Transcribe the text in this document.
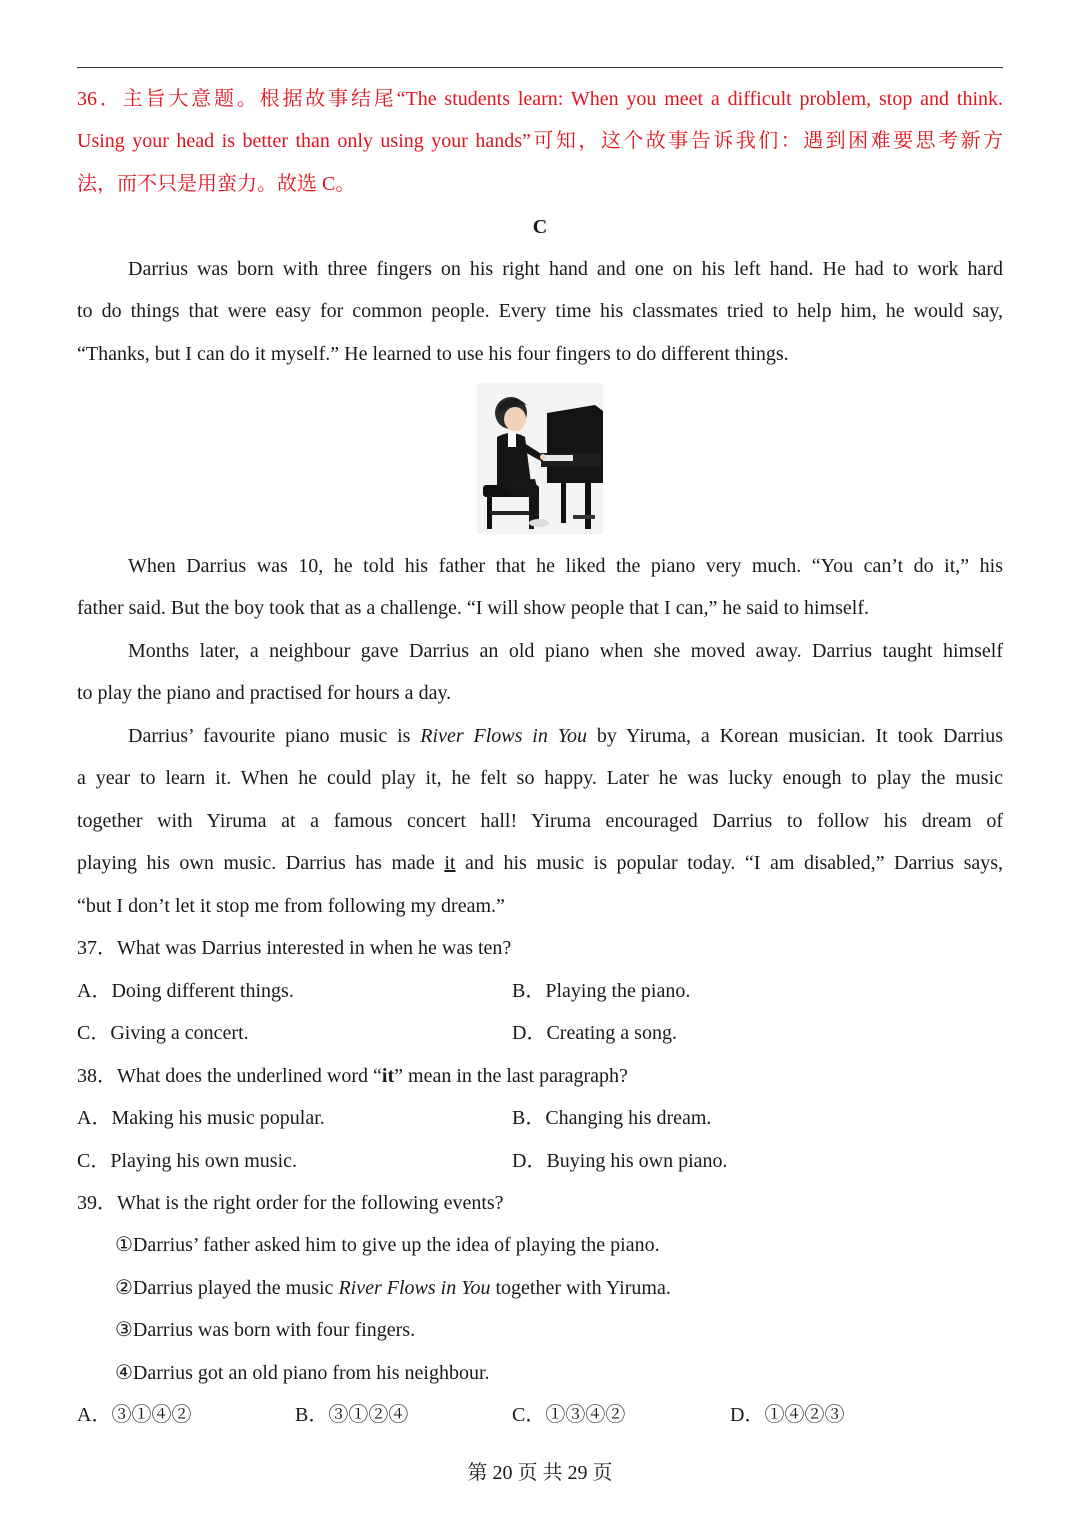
36．主旨大意题。根据故事结尾“The students learn: When you meet a difficult problem, stop and think.
Using your head is better than only using your hands”可知，这个故事告诉我们：遇到困难要思考新方
法，而不只是用蛮力。故选 C。
C
Darrius was born with three fingers on his right hand and one on his left hand. He had to work hard
to do things that were easy for common people. Every time his classmates tried to help him, he would say,
“Thanks, but I can do it myself.” He learned to use his four fingers to do different things.
When Darrius was 10, he told his father that he liked the piano very much. “You can’t do it,” his
father said. But the boy took that as a challenge. “I will show people that I can,” he said to himself.
Months later, a neighbour gave Darrius an old piano when she moved away. Darrius taught himself
to play the piano and practised for hours a day.
Darrius’ favourite piano music is River Flows in You by Yiruma, a Korean musician. It took Darrius
a year to learn it. When he could play it, he felt so happy. Later he was lucky enough to play the music
together with Yiruma at a famous concert hall! Yiruma encouraged Darrius to follow his dream of
playing his own music. Darrius has made it and his music is popular today. “I am disabled,” Darrius says,
“but I don’t let it stop me from following my dream.”
37．What was Darrius interested in when he was ten?
A．Doing different things.	B．Playing the piano.
C．Giving a concert.	D．Creating a song.
38．What does the underlined word “it” mean in the last paragraph?
A．Making his music popular.	B．Changing his dream.
C．Playing his own music.	D．Buying his own piano.
39．What is the right order for the following events?
①Darrius’ father asked him to give up the idea of playing the piano.
②Darrius played the music River Flows in You together with Yiruma.
③Darrius was born with four fingers.
④Darrius got an old piano from his neighbour.
A．③①④②	B．③①②④	C．①③④②	D．①④②③
第 20 页 共 29 页
